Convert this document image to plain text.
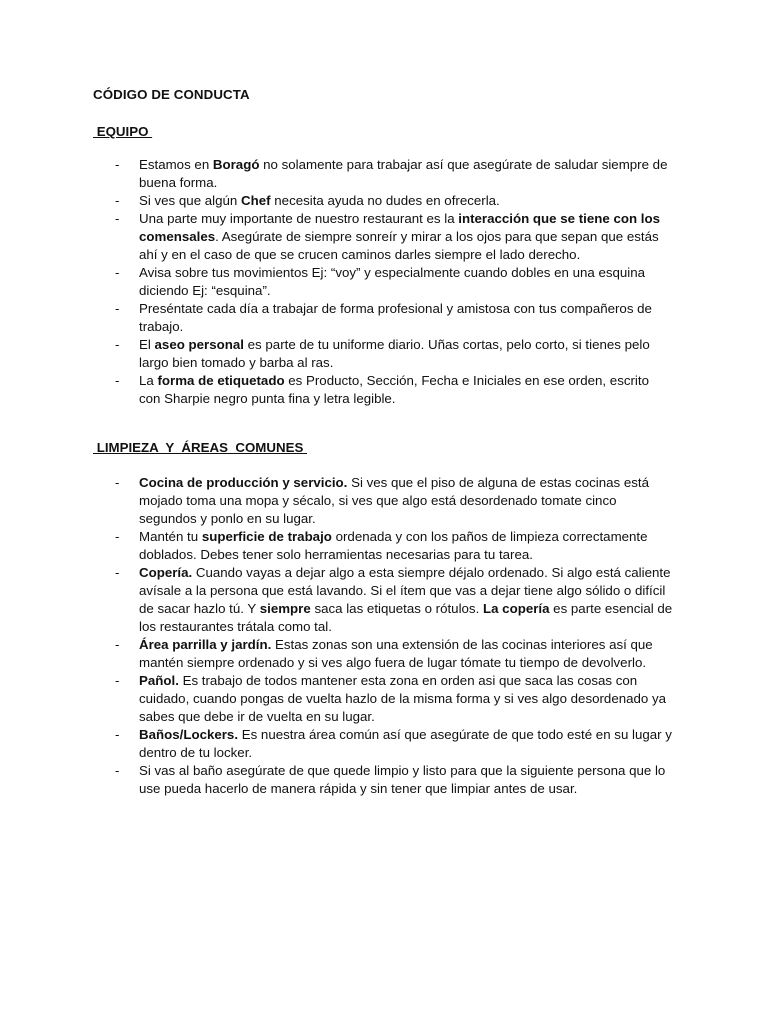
CÓDIGO DE CONDUCTA
EQUIPO
- Estamos en Boragó no solamente para trabajar así que asegúrate de saludar siempre de buena forma.
- Si ves que algún Chef necesita ayuda no dudes en ofrecerla.
- Una parte muy importante de nuestro restaurant es la interacción que se tiene con los comensales. Asegúrate de siempre sonreír y mirar a los ojos para que sepan que estás ahí y en el caso de que se crucen caminos darles siempre el lado derecho.
- Avisa sobre tus movimientos Ej: “voy” y especialmente cuando dobles en una esquina diciendo Ej: “esquina”.
- Preséntate cada día a trabajar de forma profesional y amistosa con tus compañeros de trabajo.
- El aseo personal es parte de tu uniforme diario. Uñas cortas, pelo corto, si tienes pelo largo bien tomado y barba al ras.
- La forma de etiquetado es Producto, Sección, Fecha e Iniciales en ese orden, escrito con Sharpie negro punta fina y letra legible.
LIMPIEZA  Y  ÁREAS  COMUNES
- Cocina de producción y servicio. Si ves que el piso de alguna de estas cocinas está mojado toma una mopa y sécalo, si ves que algo está desordenado tomate cinco segundos y ponlo en su lugar.
- Mantén tu superficie de trabajo ordenada y con los paños de limpieza correctamente doblados. Debes tener solo herramientas necesarias para tu tarea.
- Copería. Cuando vayas a dejar algo a esta siempre déjalo ordenado. Si algo está caliente avísale a la persona que está lavando. Si el ítem que vas a dejar tiene algo sólido o difícil de sacar hazlo tú. Y siempre saca las etiquetas o rótulos. La copería es parte esencial de los restaurantes trátala como tal.
- Área parrilla y jardín. Estas zonas son una extensión de las cocinas interiores así que mantén siempre ordenado y si ves algo fuera de lugar tómate tu tiempo de devolverlo.
- Pañol. Es trabajo de todos mantener esta zona en orden asi que saca las cosas con cuidado, cuando pongas de vuelta hazlo de la misma forma y si ves algo desordenado ya sabes que debe ir de vuelta en su lugar.
- Baños/Lockers. Es nuestra área común así que asegúrate de que todo esté en su lugar y dentro de tu locker.
- Si vas al baño asegúrate de que quede limpio y listo para que la siguiente persona que lo use pueda hacerlo de manera rápida y sin tener que limpiar antes de usar.
